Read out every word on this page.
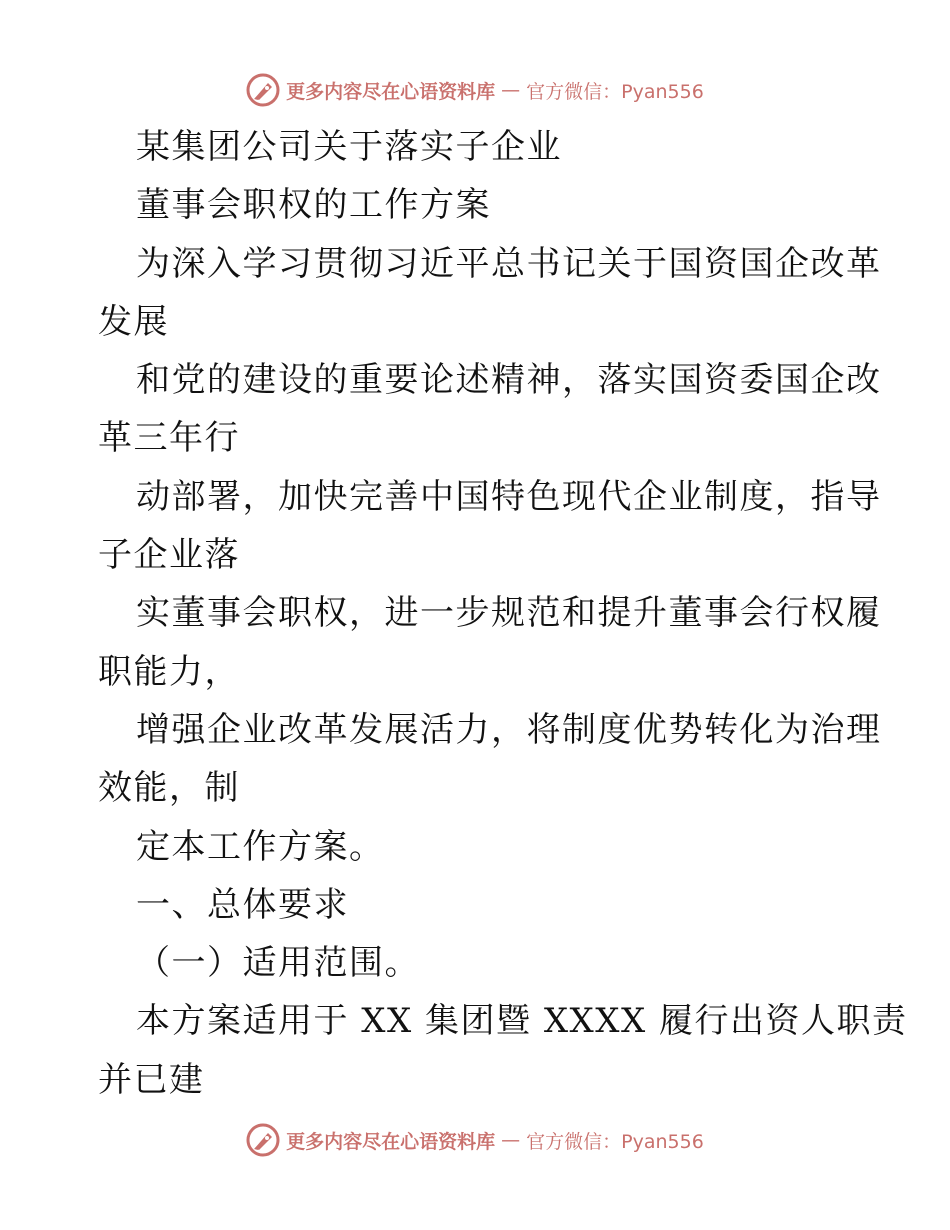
更多内容尽在心语资料库 — 官方微信：Pyan556
某集团公司关于落实子企业
董事会职权的工作方案
为深入学习贯彻习近平总书记关于国资国企改革
发展
和党的建设的重要论述精神，落实国资委国企改
革三年行
动部署，加快完善中国特色现代企业制度，指导
子企业落
实董事会职权，进一步规范和提升董事会行权履
职能力，
增强企业改革发展活力，将制度优势转化为治理
效能，制
定本工作方案。
一、总体要求
（一）适用范围。
本方案适用于 XX 集团暨 XXXX 履行出资人职责
并已建
更多内容尽在心语资料库 — 官方微信：Pyan556
